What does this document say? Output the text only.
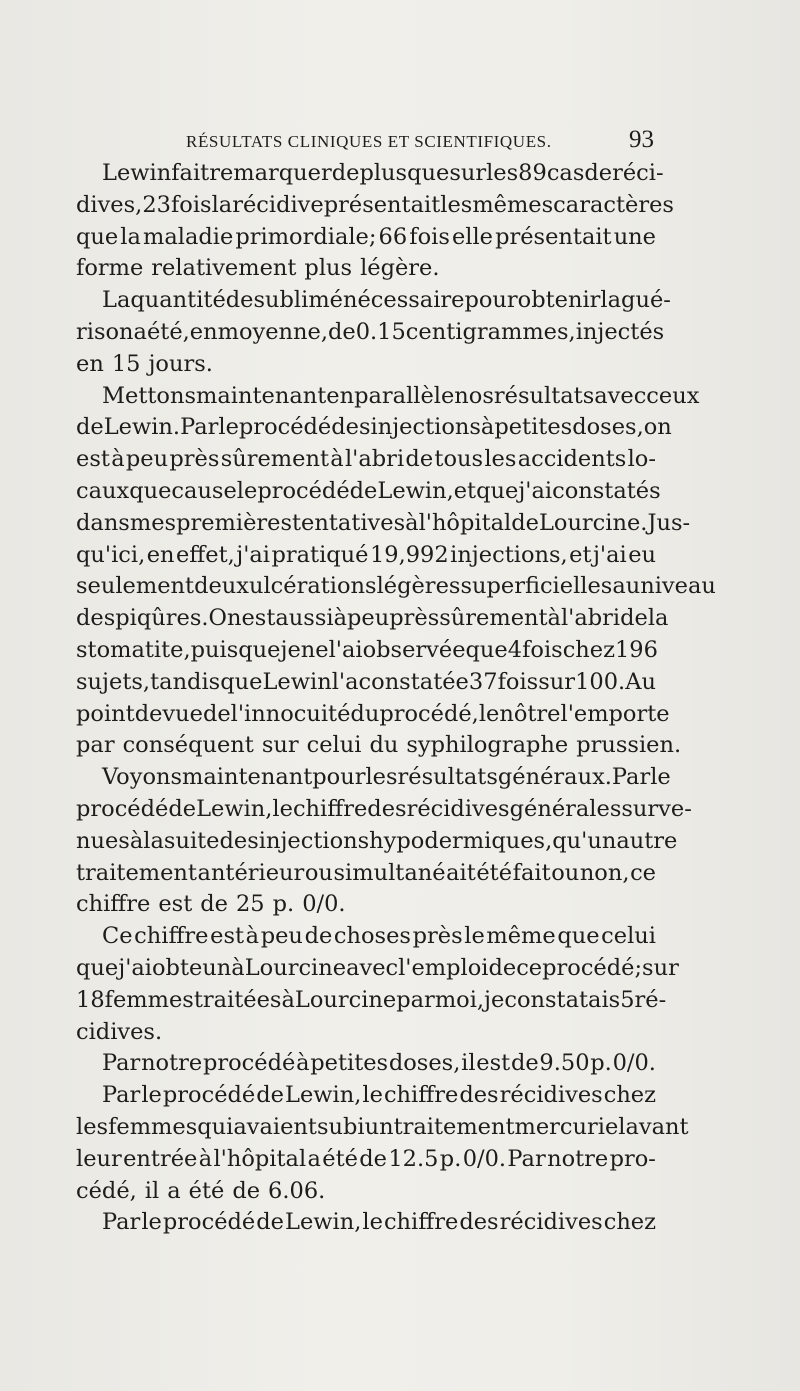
RÉSULTATS CLINIQUES ET SCIENTIFIQUES.	93
Lewin fait remarquer de plus que sur les 89 cas de réci-
dives, 23 fois la récidive présentait les mêmes caractères
que la maladie primordiale; 66 fois elle présentait une
forme relativement plus légère.
La quantité de sublimé nécessaire pour obtenir la gué-
rison a été, en moyenne, de 0.15 centigrammes, injectés
en 15 jours.
Mettons maintenant en parallèle nos résultats avec ceux
de Lewin. Par le procédé des injections à petites doses, on
est à peu près sûrement à l'abri de tous les accidents lo-
caux que cause le procédé de Lewin, et que j'ai constatés
dans mes premières tentatives à l'hôpital de Lourcine. Jus-
qu'ici, en effet, j'ai pratiqué 19,992 injections, et j'ai eu
seulement deux ulcérations légères superficielles au niveau
des piqûres. On est aussi à peu près sûrement à l'abri de la
stomatite, puisque je ne l'ai observée que 4 fois chez 196
sujets, tandis que Lewin l'a constatée 37 fois sur 100. Au
point de vue de l'innocuité du procédé, le nôtre l'emporte
par conséquent sur celui du syphilographe prussien.
Voyons maintenant pour les résultats généraux. Par le
procédé de Lewin, le chiffre des récidives générales surve-
nues à la suite des injections hypodermiques, qu'un autre
traitement antérieur ou simultané ait été fait ou non, ce
chiffre est de 25 p. 0/0.
Ce chiffre est à peu de choses près le même que celui
que j'ai obteun à Lourcine avec l'emploi de ce procédé; sur
18 femmes traitées à Lourcine par moi, je constatais 5 ré-
cidives.
Par notre procédé à petites doses, il est de 9.50 p. 0/0.
Par le procédé de Lewin, le chiffre des récidives chez
les femmes qui avaient subi un traitement mercuriel avant
leur entrée à l'hôpital a été de 12.5 p. 0/0. Par notre pro-
cédé, il a été de 6.06.
Par le procédé de Lewin, le chiffre des récidives chez
